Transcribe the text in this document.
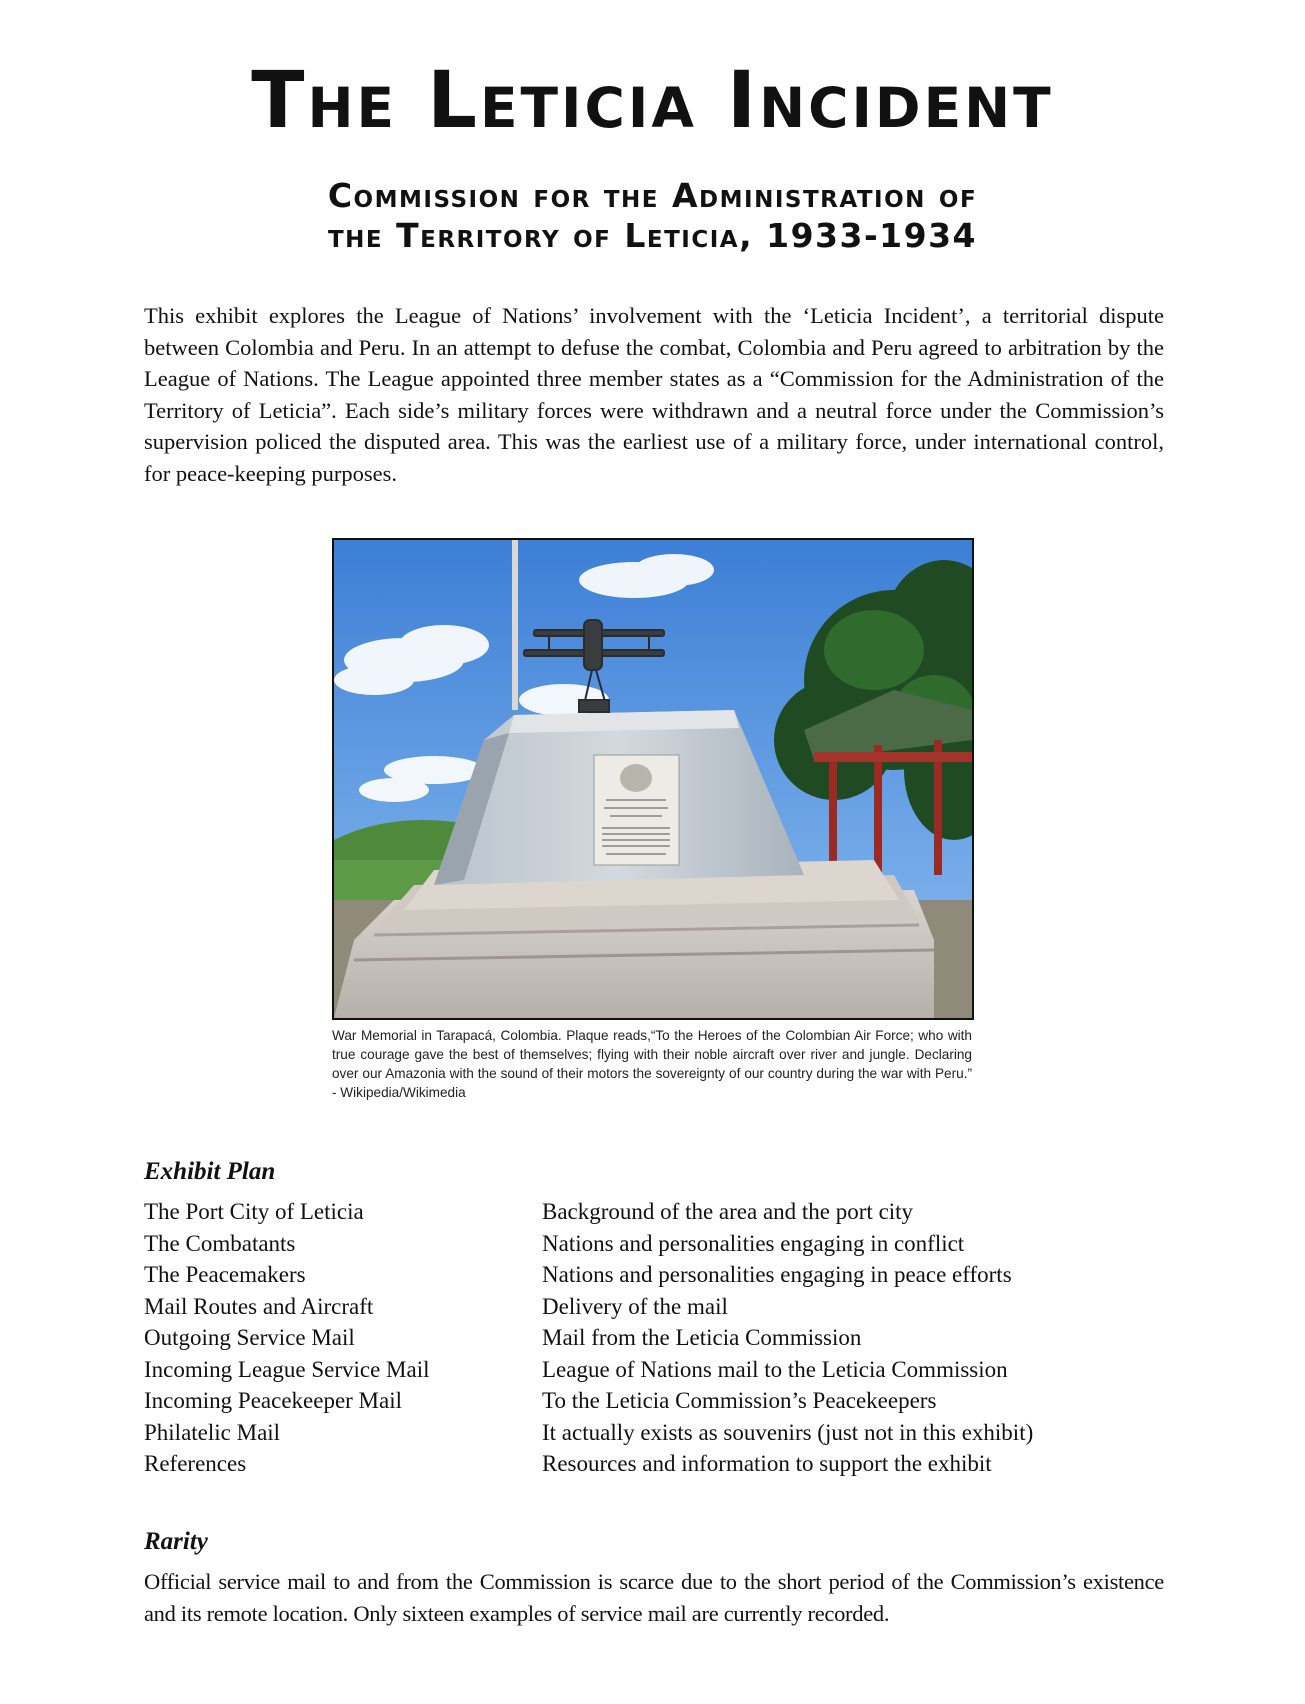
The Leticia Incident
Commission for the Administration of
the Territory of Leticia, 1933-1934

This exhibit explores the League of Nations’ involvement with the ‘Leticia Incident’, a territorial dispute between Colombia and Peru. In an attempt to defuse the combat, Colombia and Peru agreed to arbitration by the League of Nations. The League appointed three member states as a “Commission for the Administration of the Territory of Leticia”. Each side’s military forces were withdrawn and a neutral force under the Commission’s supervision policed the disputed area. This was the earliest use of a military force, under international control, for peace-keeping purposes.

War Memorial in Tarapacá, Colombia. Plaque reads,“To the Heroes of the Colombian Air Force; who with true courage gave the best of themselves; flying with their noble aircraft over river and jungle. Declaring over our Amazonia with the sound of their motors the sovereignty of our country during the war with Peru.” - Wikipedia/Wikimedia

Exhibit Plan
The Port City of Leticia	Background of the area and the port city
The Combatants	Nations and personalities engaging in conflict
The Peacemakers	Nations and personalities engaging in peace efforts
Mail Routes and Aircraft	Delivery of the mail
Outgoing Service Mail	Mail from the Leticia Commission
Incoming League Service Mail	League of Nations mail to the Leticia Commission
Incoming Peacekeeper Mail	To the Leticia Commission’s Peacekeepers
Philatelic Mail	It actually exists as souvenirs (just not in this exhibit)
References	Resources and information to support the exhibit
Rarity

Official service mail to and from the Commission is scarce due to the short period of the Commission’s existence and its remote location. Only sixteen examples of service mail are currently recorded.
